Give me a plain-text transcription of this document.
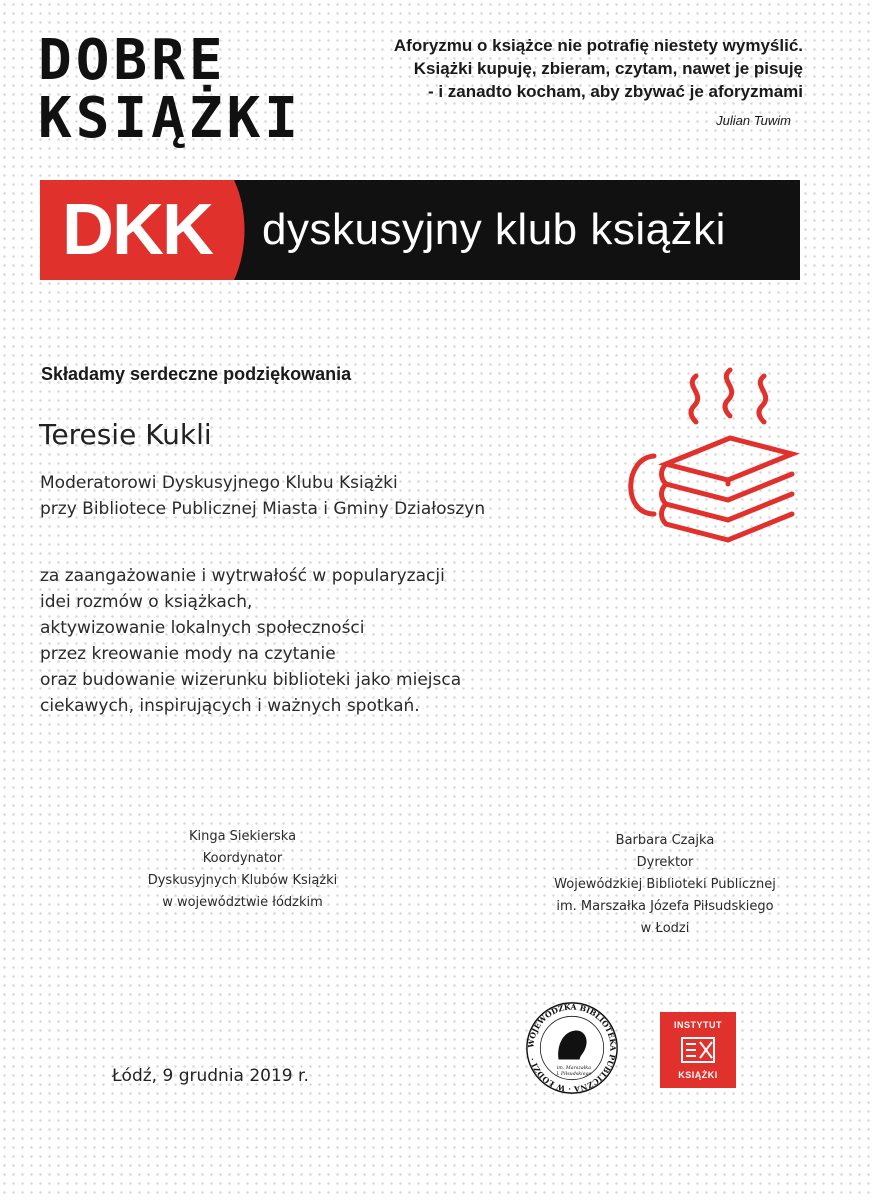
DOBRE
KSIĄŻKI
Aforyzmu o książce nie potrafię niestety wymyślić.
Książki kupuję, zbieram, czytam, nawet je pisuję
- i zanadto kocham, aby zbywać je aforyzmami
Julian Tuwim
DKK dyskusyjny klub książki
Składamy serdeczne podziękowania
Teresie Kukli
Moderatorowi Dyskusyjnego Klubu Książki
przy Bibliotece Publicznej Miasta i Gminy Działoszyn
za zaangażowanie i wytrwałość w popularyzacji
idei rozmów o książkach,
aktywizowanie lokalnych społeczności
przez kreowanie mody na czytanie
oraz budowanie wizerunku biblioteki jako miejsca
ciekawych, inspirujących i ważnych spotkań.
Kinga Siekierska
Koordynator
Dyskusyjnych Klubów Książki
w województwie łódzkim
Barbara Czajka
Dyrektor
Wojewódzkiej Biblioteki Publicznej
im. Marszałka Józefa Piłsudskiego
w Łodzi
Łódź, 9 grudnia 2019 r.
WOJEWÓDZKA BIBLIOTEKA PUBLICZNA · W ŁODZI ·
im. Marszałka
J. Piłsudskiego
INSTYTUT
KSIĄŻKI
